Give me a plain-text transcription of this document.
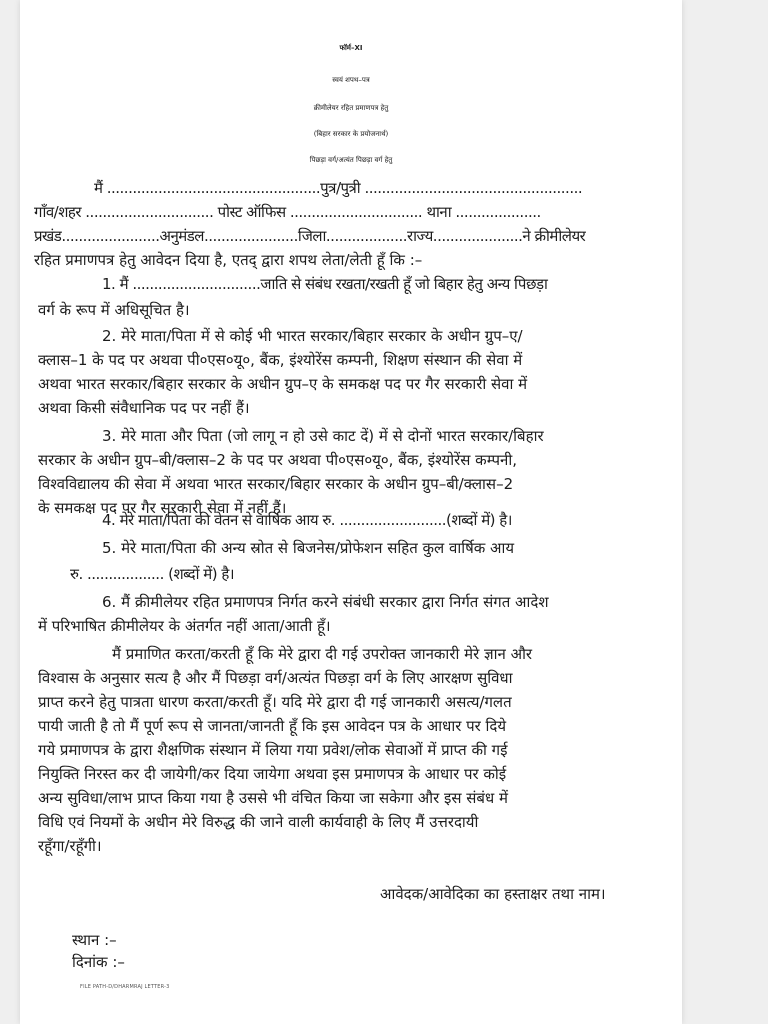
फॉर्म–XI
स्वयं शपथ–पत्र
क्रीमीलेयर रहित प्रमाणपत्र हेतु
(बिहार सरकार के प्रयोजनार्थ)
पिछड़ा वर्ग/अत्यंत पिछड़ा वर्ग हेतु
मैं ..................................................पुत्र/पुत्री ...................................................
गाँव/शहर .............................. पोस्ट ऑफिस ............................... थाना ....................
प्रखंड.......................अनुमंडल......................जिला...................राज्य.....................ने क्रीमीलेयर
रहित प्रमाणपत्र हेतु आवेदन दिया है, एतद् द्वारा शपथ लेता/लेती हूँ कि :–
1. मैं ..............................जाति से संबंध रखता/रखती हूँ जो बिहार हेतु अन्य पिछड़ा
वर्ग के रूप में अधिसूचित है।
2. मेरे माता/पिता में से कोई भी भारत सरकार/बिहार सरकार के अधीन ग्रुप–ए/
क्लास–1 के पद पर अथवा पी०एस०यू०, बैंक, इंश्योरेंस कम्पनी, शिक्षण संस्थान की सेवा में
अथवा भारत सरकार/बिहार सरकार के अधीन ग्रुप–ए के समकक्ष पद पर गैर सरकारी सेवा में
अथवा किसी संवैधानिक पद पर नहीं हैं।
3. मेरे माता और पिता (जो लागू न हो उसे काट दें) में से दोनों भारत सरकार/बिहार
सरकार के अधीन ग्रुप–बी/क्लास–2 के पद पर अथवा पी०एस०यू०, बैंक, इंश्योरेंस कम्पनी,
विश्वविद्यालय की सेवा में अथवा भारत सरकार/बिहार सरकार के अधीन ग्रुप–बी/क्लास–2
के समकक्ष पद पर गैर सरकारी सेवा में नहीं हैं।
4. मेरे माता/पिता की वेतन से वार्षिक आय रु. .........................(शब्दों में) है।
5. मेरे माता/पिता की अन्य स्रोत से बिजनेस/प्रोफेशन सहित कुल वार्षिक आय
रु. .................. (शब्दों में) है।
6. मैं क्रीमीलेयर रहित प्रमाणपत्र निर्गत करने संबंधी सरकार द्वारा निर्गत संगत आदेश
में परिभाषित क्रीमीलेयर के अंतर्गत नहीं आता/आती हूँ।
मैं प्रमाणित करता/करती हूँ कि मेरे द्वारा दी गई उपरोक्त जानकारी मेरे ज्ञान और
विश्वास के अनुसार सत्य है और मैं पिछड़ा वर्ग/अत्यंत पिछड़ा वर्ग के लिए आरक्षण सुविधा
प्राप्त करने हेतु पात्रता धारण करता/करती हूँ। यदि मेरे द्वारा दी गई जानकारी असत्य/गलत
पायी जाती है तो मैं पूर्ण रूप से जानता/जानती हूँ कि इस आवेदन पत्र के आधार पर दिये
गये प्रमाणपत्र के द्वारा शैक्षणिक संस्थान में लिया गया प्रवेश/लोक सेवाओं में प्राप्त की गई
नियुक्ति निरस्त कर दी जायेगी/कर दिया जायेगा अथवा इस प्रमाणपत्र के आधार पर कोई
अन्य सुविधा/लाभ प्राप्त किया गया है उससे भी वंचित किया जा सकेगा और इस संबंध में
विधि एवं नियमों के अधीन मेरे विरुद्ध की जाने वाली कार्यवाही के लिए मैं उत्तरदायी
रहूँगा/रहूँगी।
आवेदक/आवेदिका का हस्ताक्षर तथा नाम।
स्थान :–
दिनांक :–
FILE PATH-D/DHARMRAJ LETTER-3
